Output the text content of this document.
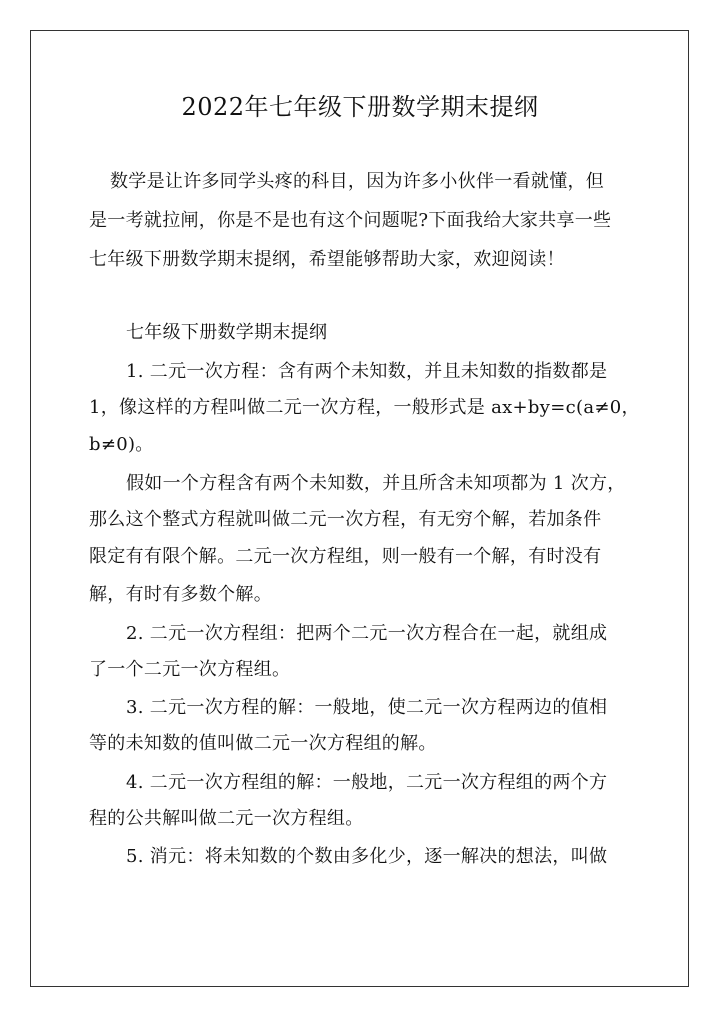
2022年七年级下册数学期末提纲
数学是让许多同学头疼的科目，因为许多小伙伴一看就懂，但
是一考就拉闸，你是不是也有这个问题呢?下面我给大家共享一些
七年级下册数学期末提纲，希望能够帮助大家，欢迎阅读！
七年级下册数学期末提纲
1. 二元一次方程：含有两个未知数，并且未知数的指数都是
1，像这样的方程叫做二元一次方程，一般形式是 ax+by=c(a≠0，
b≠0)。
假如一个方程含有两个未知数，并且所含未知项都为 1 次方，
那么这个整式方程就叫做二元一次方程，有无穷个解，若加条件
限定有有限个解。二元一次方程组，则一般有一个解，有时没有
解，有时有多数个解。
2. 二元一次方程组：把两个二元一次方程合在一起，就组成
了一个二元一次方程组。
3. 二元一次方程的解：一般地，使二元一次方程两边的值相
等的未知数的值叫做二元一次方程组的解。
4. 二元一次方程组的解：一般地，二元一次方程组的两个方
程的公共解叫做二元一次方程组。
5. 消元：将未知数的个数由多化少，逐一解决的想法，叫做
